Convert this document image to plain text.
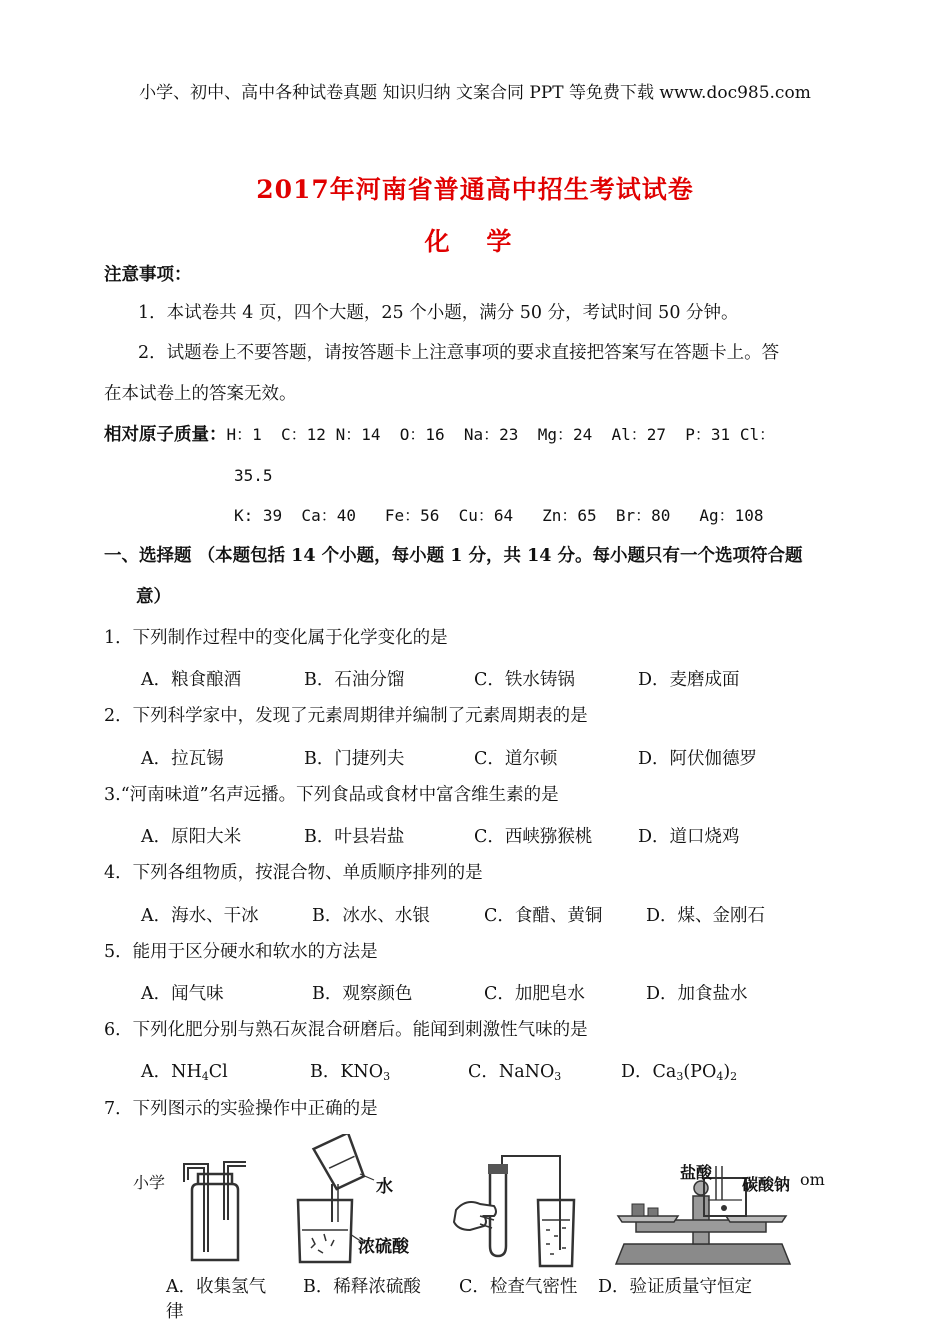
小学、初中、高中各种试卷真题 知识归纳 文案合同 PPT 等免费下载 www.doc985.com
2017年河南省普通高中招生考试试卷
化 学
注意事项：
1．本试卷共 4 页，四个大题，25 个小题，满分 50 分，考试时间 50 分钟。
2．试题卷上不要答题，请按答题卡上注意事项的要求直接把答案写在答题卡上。答
在本试卷上的答案无效。
相对原子质量：H：1  C：12 N：14  O：16  Na：23  Mg：24  Al：27  P：31 Cl：
35.5
K: 39  Ca：40   Fe：56  Cu：64   Zn：65  Br：80   Ag：108
一、选择题 （本题包括 14 个小题，每小题 1 分，共 14 分。每小题只有一个选项符合题
意）
1．下列制作过程中的变化属于化学变化的是
A．粮食酿酒	B．石油分馏	C．铁水铸锅	D．麦磨成面
2．下列科学家中，发现了元素周期律并编制了元素周期表的是
A．拉瓦锡	B．门捷列夫	C．道尔顿	D．阿伏伽德罗
3.“河南味道”名声远播。下列食品或食材中富含维生素的是
A．原阳大米	B．叶县岩盐	C．西峡猕猴桃	D．道口烧鸡
4．下列各组物质，按混合物、单质顺序排列的是
A．海水、干冰	B．冰水、水银	C．食醋、黄铜 D．煤、金刚石
5．能用于区分硬水和软水的方法是
A．闻气味	B．观察颜色	C．加肥皂水	D．加食盐水
6．下列化肥分别与熟石灰混合研磨后。能闻到刺激性气味的是
A．$NH_4Cl$	B．$KNO_3$	C．NaNO$_3$	D．$Ca_3(PO_4)_2$
7．下列图示的实验操作中正确的是
小学	om
水
浓硫酸
盐酸
碳酸钠
A．收集氢气 B．稀释浓硫酸 C．检查气密性 D．验证质量守恒定
律
